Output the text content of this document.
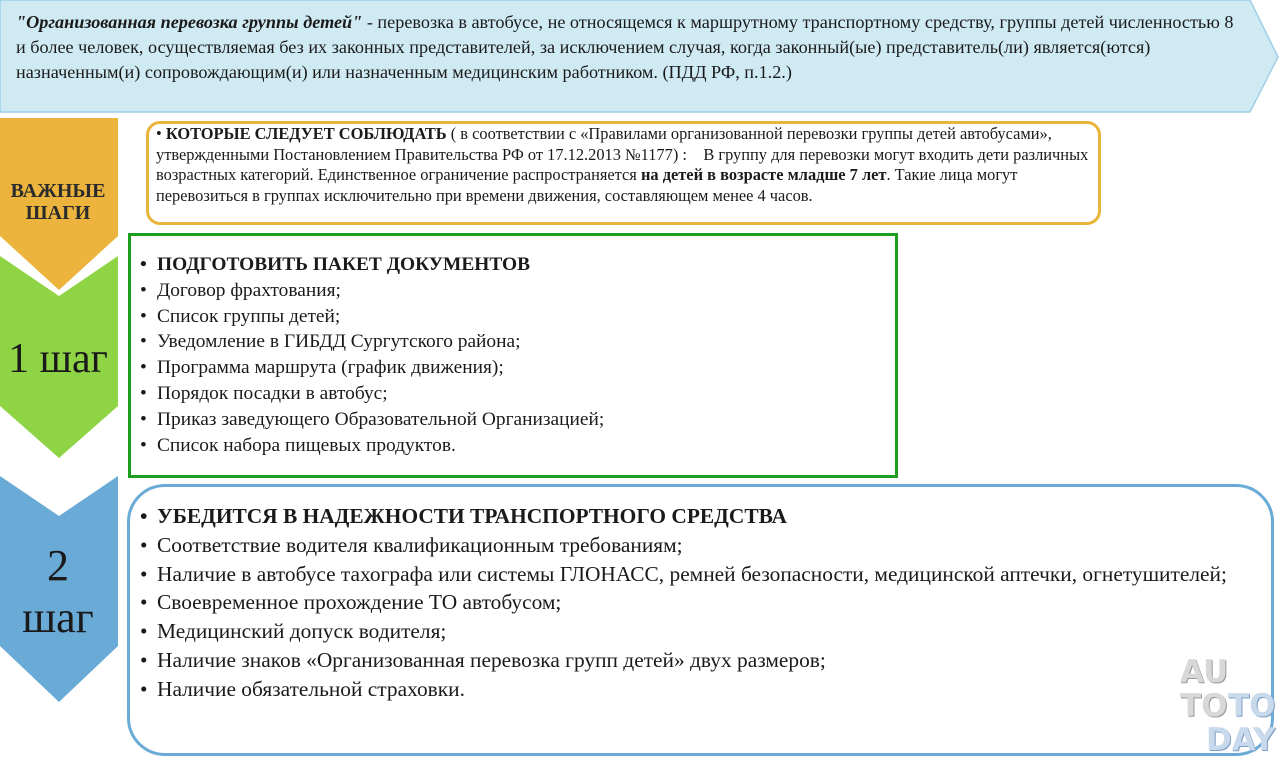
"Организованная перевозка группы детей" - перевозка в автобусе, не относящемся к маршрутному транспортному средству, группы детей численностью 8 и более человек, осуществляемая без их законных представителей, за исключением случая, когда законный(ые) представитель(ли) является(ются) назначенным(и) сопровождающим(и) или назначенным медицинским работником. (ПДД РФ, п.1.2.)
ВАЖНЫЕ
ШАГИ
1 шаг
2
шаг
• КОТОРЫЕ СЛЕДУЕТ СОБЛЮДАТЬ ( в соответствии с «Правилами организованной перевозки группы детей автобусами», утвержденными Постановлением Правительства РФ от 17.12.2013 №1177) : В группу для перевозки могут входить дети различных возрастных категорий. Единственное ограничение распространяется на детей в возрасте младше 7 лет. Такие лица могут перевозиться в группах исключительно при времени движения, составляющем менее 4 часов.
• ПОДГОТОВИТЬ ПАКЕТ ДОКУМЕНТОВ
• Договор фрахтования;
• Список группы детей;
• Уведомление в ГИБДД Сургутского района;
• Программа маршрута (график движения);
• Порядок посадки в автобус;
• Приказ заведующего Образовательной Организацией;
• Список набора пищевых продуктов.
• УБЕДИТСЯ В НАДЕЖНОСТИ ТРАНСПОРТНОГО СРЕДСТВА
• Соответствие водителя квалификационным требованиям;
• Наличие в автобусе тахографа или системы ГЛОНАСС, ремней безопасности, медицинской аптечки, огнетушителей;
• Своевременное прохождение ТО автобусом;
• Медицинский допуск водителя;
• Наличие знаков «Организованная перевозка групп детей» двух размеров;
• Наличие обязательной страховки.	AU
TO TO
DAY
